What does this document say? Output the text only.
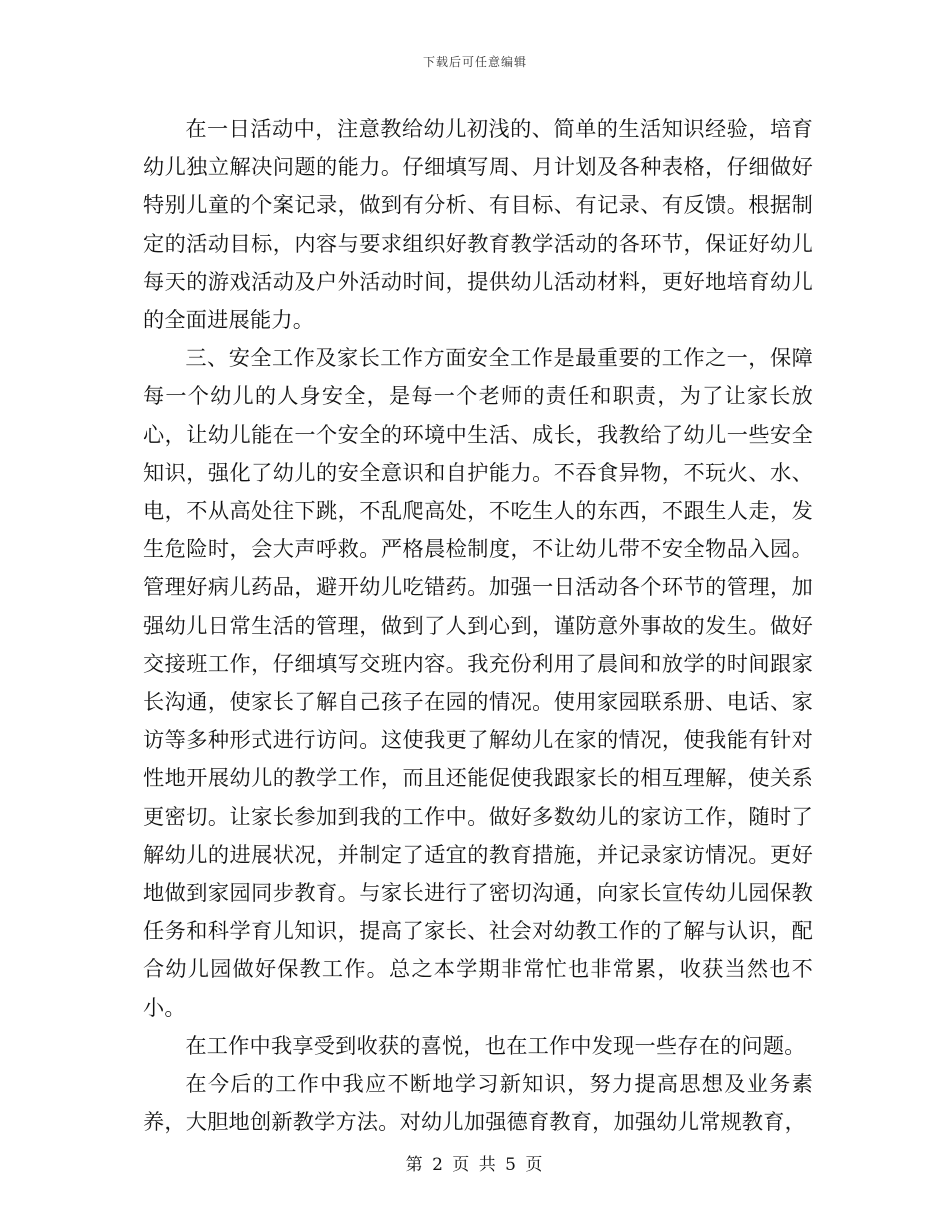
下载后可任意编辑

在一日活动中，注意教给幼儿初浅的、简单的生活知识经验，培育幼儿独立解决问题的能力。仔细填写周、月计划及各种表格，仔细做好特别儿童的个案记录，做到有分析、有目标、有记录、有反馈。根据制定的活动目标，内容与要求组织好教育教学活动的各环节，保证好幼儿每天的游戏活动及户外活动时间，提供幼儿活动材料，更好地培育幼儿的全面进展能力。

三、安全工作及家长工作方面安全工作是最重要的工作之一，保障每一个幼儿的人身安全，是每一个老师的责任和职责，为了让家长放心，让幼儿能在一个安全的环境中生活、成长，我教给了幼儿一些安全知识，强化了幼儿的安全意识和自护能力。不吞食异物，不玩火、水、电，不从高处往下跳，不乱爬高处，不吃生人的东西，不跟生人走，发生危险时，会大声呼救。严格晨检制度，不让幼儿带不安全物品入园。管理好病儿药品，避开幼儿吃错药。加强一日活动各个环节的管理，加强幼儿日常生活的管理，做到了人到心到，谨防意外事故的发生。做好交接班工作，仔细填写交班内容。我充份利用了晨间和放学的时间跟家长沟通，使家长了解自己孩子在园的情况。使用家园联系册、电话、家访等多种形式进行访问。这使我更了解幼儿在家的情况，使我能有针对性地开展幼儿的教学工作，而且还能促使我跟家长的相互理解，使关系更密切。让家长参加到我的工作中。做好多数幼儿的家访工作，随时了解幼儿的进展状况，并制定了适宜的教育措施，并记录家访情况。更好地做到家园同步教育。与家长进行了密切沟通，向家长宣传幼儿园保教任务和科学育儿知识，提高了家长、社会对幼教工作的了解与认识，配合幼儿园做好保教工作。总之本学期非常忙也非常累，收获当然也不小。

在工作中我享受到收获的喜悦，也在工作中发现一些存在的问题。

在今后的工作中我应不断地学习新知识，努力提高思想及业务素养，大胆地创新教学方法。对幼儿加强德育教育，加强幼儿常规教育，

第 2 页 共 5 页
